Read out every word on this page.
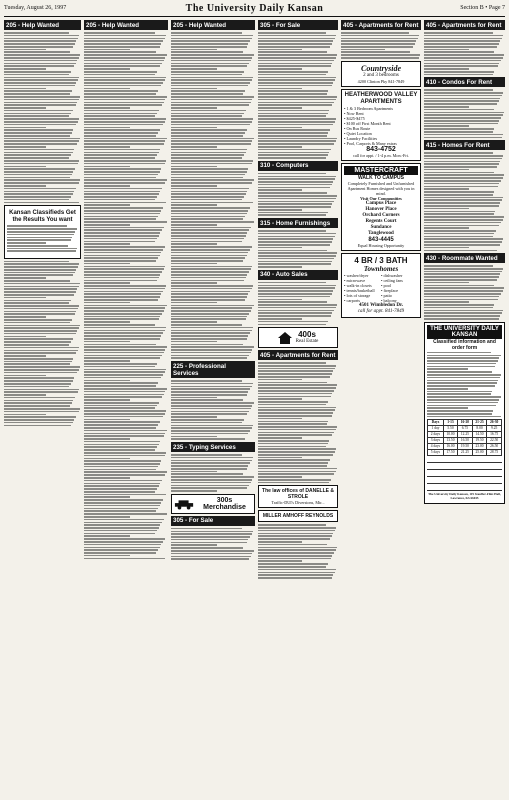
Tuesday, August 26, 1997	The University Daily Kansan	Section B • Page 7
205 - Help Wanted
Kansan Classifieds Get the Results You want
205 - Help Wanted	205 - Help Wanted
225 - Professional Services
235 - Typing Services
300s Merchandise
305 - For Sale
305 - For Sale
310 - Computers
315 - Home Furnishings
340 - Auto Sales
400s
Real Estate
405 - Apartments for Rent
The law offices of DANELLE & STROLE
Traffic-DUI's Diversions, Mir...
MILLER AMHOFF REYNOLDS
405 - Apartments for Rent
Countryside
2 and 3 bedrooms
4200 Clinton Pky 841-7849
HEATHERWOOD VALLEY APARTMENTS
• 1 & 3 Bedroom Apartments
• Now Rent
• $425-$475
• $100 off First Month Rent
• On Bus Route
• Quiet Location
• Laundry Facilities
• Pool, Carports & Many extras
843-4752
call for appt. / 1-4 p.m. Mon.-Fri.
MASTERCRAFT
WALK TO CAMPUS
Completely Furnished and Unfurnished Apartment Homes designed with you in mind.
Visit Our Communities
Campus Place
Hanover Place
Orchard Corners
Regents Court
Sundance
Tanglewood
843-4445
Equal Housing Opportunity
4 BR / 3 BATH
Townhomes
• washer/dryer	• dishwasher
• microwave	• ceiling fans
• walk-in closets	• pool
• tennis/basketball	• fireplace
• lots of storage	• patio
• carports	• balcony
4501 Wimbledon Dr.
call for appt. 841-7849
405 - Apartments for Rent
410 - Condos For Rent
415 - Homes For Rent
430 - Roommate Wanted
THE UNIVERSITY DAILY KANSAN
Classified information and order form
Days	1-15	16-20	21-25	26-30
1 day	5.50	6.75	8.00	9.25
2 days	10.00	12.25	14.50	16.75
3 days	13.50	16.50	19.50	22.50
4 days	16.00	19.50	23.00	26.50
5 days	17.50	21.25	25.00	28.75
The University Daily Kansan, 119 Stauffer-Flint Hall, Lawrence, KS 66045
